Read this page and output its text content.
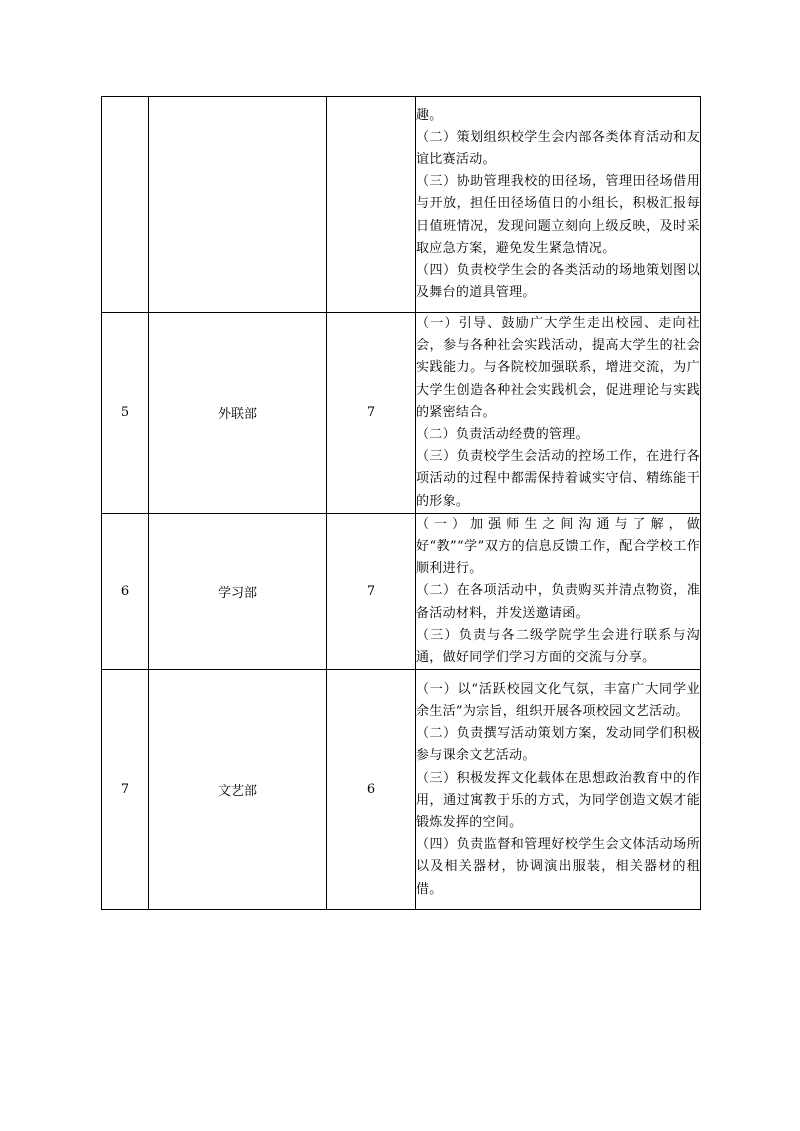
			趣。

（二）策划组织校学生会内部各类体育活动和友谊比赛活动。

（三）协助管理我校的田径场，管理田径场借用与开放，担任田径场值日的小组长，积极汇报每日值班情况，发现问题立刻向上级反映，及时采取应急方案，避免发生紧急情况。

（四）负责校学生会的各类活动的场地策划图以及舞台的道具管理。

5	外联部	7	（一）引导、鼓励广大学生走出校园、走向社会，参与各种社会实践活动，提高大学生的社会实践能力。与各院校加强联系，增进交流，为广大学生创造各种社会实践机会，促进理论与实践的紧密结合。

（二）负责活动经费的管理。

（三）负责校学生会活动的控场工作，在进行各项活动的过程中都需保持着诚实守信、精练能干的形象。

6	学习部	7	（一）加强师生之间沟通与了解，做好“教”“学”双方的信息反馈工作，配合学校工作顺利进行。

（二）在各项活动中，负责购买并清点物资，准备活动材料，并发送邀请函。

（三）负责与各二级学院学生会进行联系与沟通，做好同学们学习方面的交流与分享。

7	文艺部	6	（一）以“活跃校园文化气氛，丰富广大同学业余生活”为宗旨，组织开展各项校园文艺活动。

（二）负责撰写活动策划方案，发动同学们积极参与课余文艺活动。

（三）积极发挥文化载体在思想政治教育中的作用，通过寓教于乐的方式，为同学创造文娱才能锻炼发挥的空间。

（四）负责监督和管理好校学生会文体活动场所以及相关器材，协调演出服装，相关器材的租借。
